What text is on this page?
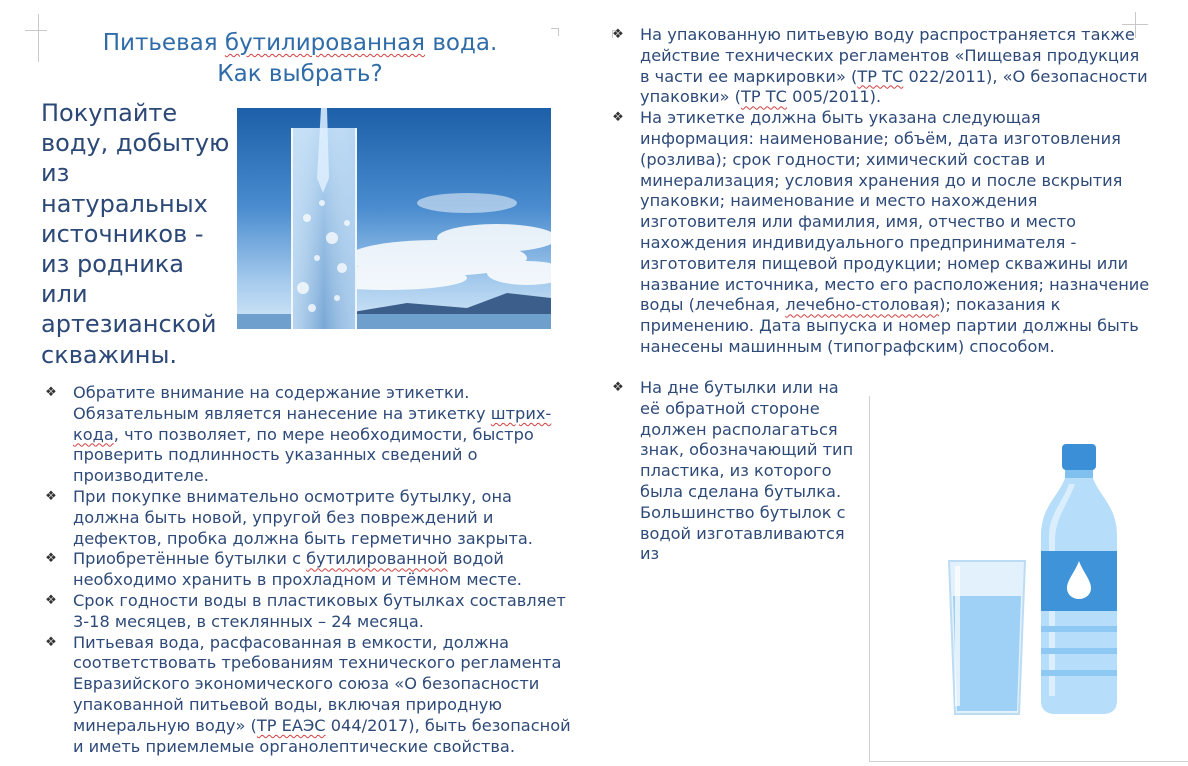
Питьевая бутилированная вода.
Как выбрать?

Покупайте воду, добытую из натуральных источников - из родника или артезианской скважины.

❖ Обратите внимание на содержание этикетки. Обязательным является нанесение на этикетку штрих-кода, что позволяет, по мере необходимости, быстро проверить подлинность указанных сведений о производителе.
❖ При покупке внимательно осмотрите бутылку, она должна быть новой, упругой без повреждений и дефектов, пробка должна быть герметично закрыта.
❖ Приобретённые бутылки с бутилированной водой необходимо хранить в прохладном и тёмном месте.
❖ Срок годности воды в пластиковых бутылках составляет 3-18 месяцев, в стеклянных – 24 месяца.
❖ Питьевая вода, расфасованная в емкости, должна соответствовать требованиям технического регламента Евразийского экономического союза «О безопасности упакованной питьевой воды, включая природную минеральную воду» (ТР ЕАЭС 044/2017), быть безопасной и иметь приемлемые органолептические свойства.
❖ На упакованную питьевую воду распространяется также действие технических регламентов «Пищевая продукция в части ее маркировки» (ТР ТС 022/2011), «О безопасности упаковки» (ТР ТС 005/2011).
❖ На этикетке должна быть указана следующая информация: наименование; объём, дата изготовления (розлива); срок годности; химический состав и минерализация; условия хранения до и после вскрытия упаковки; наименование и место нахождения изготовителя или фамилия, имя, отчество и место нахождения индивидуального предпринимателя - изготовителя пищевой продукции; номер скважины или название источника, место его расположения; назначение воды (лечебная, лечебно-столовая); показания к применению. Дата выпуска и номер партии должны быть нанесены машинным (типографским) способом.
❖ На дне бутылки или на её обратной стороне должен располагаться знак, обозначающий тип пластика, из которого была сделана бутылка. Большинство бутылок с водой изготавливаются из
